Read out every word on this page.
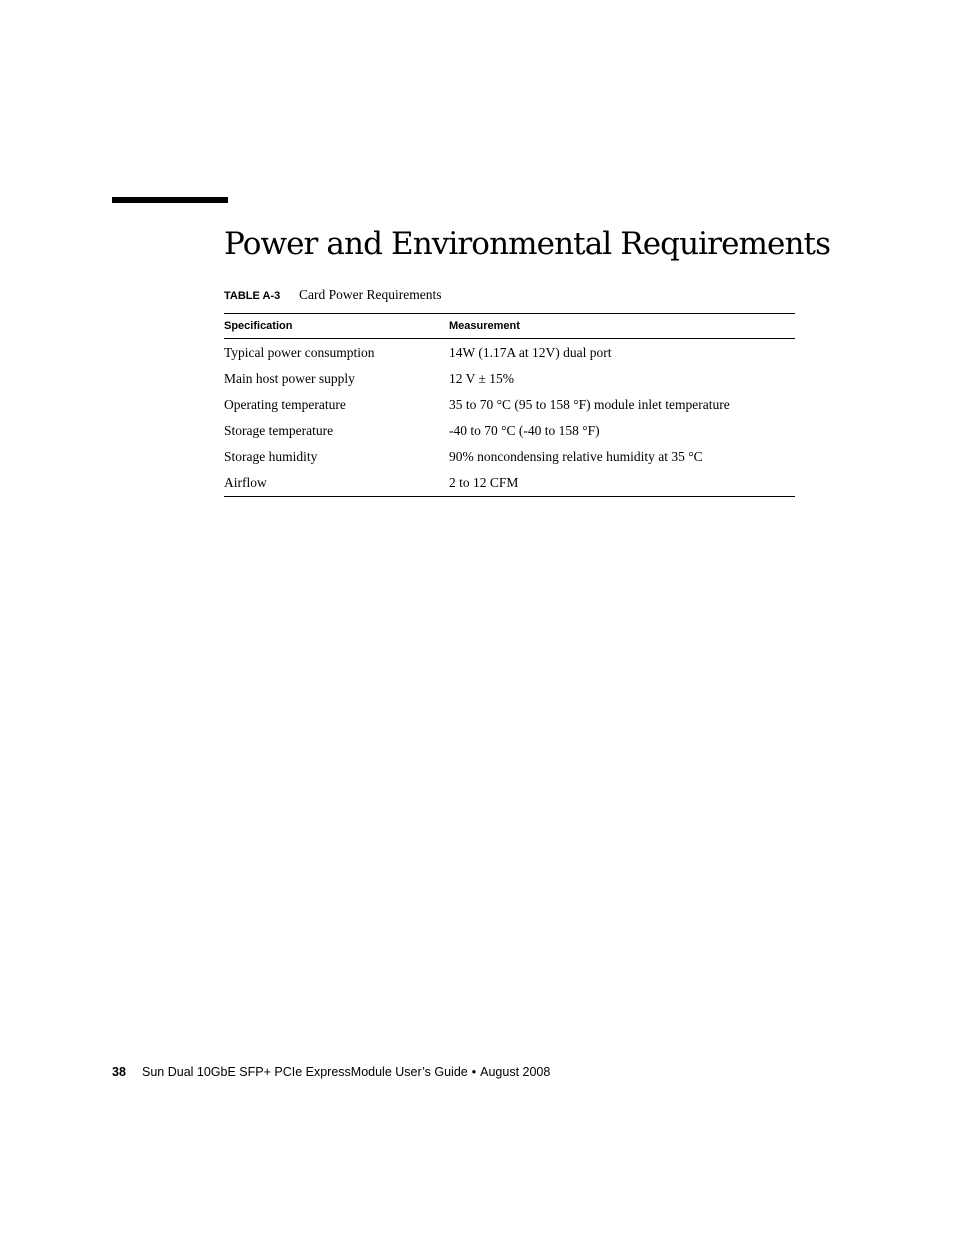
Power and Environmental Requirements
TABLE A-3 Card Power Requirements
Specification	Measurement
Typical power consumption	14W (1.17A at 12V) dual port
Main host power supply	12 V ± 15%
Operating temperature	35 to 70 °C (95 to 158 °F) module inlet temperature
Storage temperature	-40 to 70 °C (-40 to 158 °F)
Storage humidity	90% noncondensing relative humidity at 35 °C
Airflow	2 to 12 CFM
38 Sun Dual 10GbE SFP+ PCIe ExpressModule User’s Guide • August 2008
